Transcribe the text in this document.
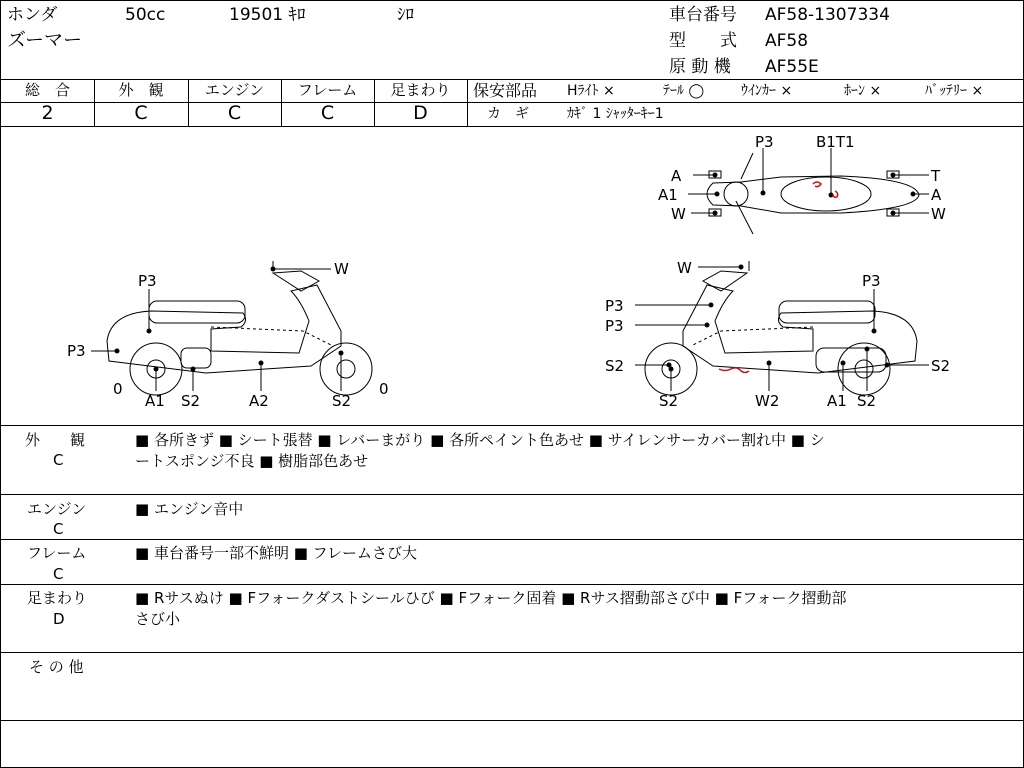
ホンダ	50cc	19501 ｷﾛ	ｼﾛ
ズーマー
車台番号 AF58-1307334
型　　式 AF58
原 動 機 AF55E
総　合	外　観	エンジン	フレーム	足まわり
2	C	C	C	D
保安部品 Hﾗｲﾄ ×	ﾃｰﾙ ◯	ｳｲﾝｶｰ ×	ﾎｰﾝ ×	ﾊﾞｯﾃﾘｰ ×
カ　ギ	ｶｷﾞ 1 ｼｬｯﾀｰｷｰ1
P3	B1T1
A
A1
W
T
A
W
W
P3
P3
0
A1 S2	A2	S2
0
W
P3
P3
P3
S2
S2	W2	A1 S2
S2
外　　観
C
■ 各所きず ■ シート張替 ■ レバーまがり ■ 各所ペイント色あせ ■ サイレンサーカバー割れ中 ■ シ
ートスポンジ不良 ■ 樹脂部色あせ
エンジン
C
■ エンジン音中
フレーム
C
■ 車台番号一部不鮮明 ■ フレームさび大
足まわり
D
■ Rサスぬけ ■ Fフォークダストシールひび ■ Fフォーク固着 ■ Rサス摺動部さび中 ■ Fフォーク摺動部
さび小
そ の 他
